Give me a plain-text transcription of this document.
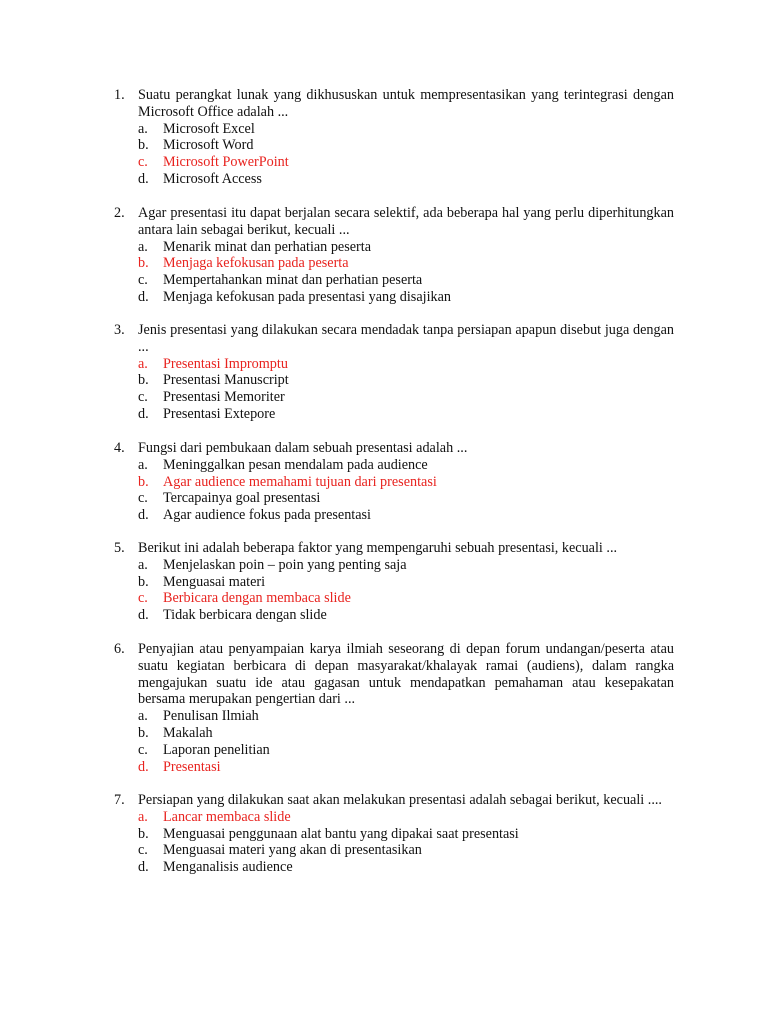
1. Suatu perangkat lunak yang dikhususkan untuk mempresentasikan yang terintegrasi dengan Microsoft Office adalah ...
a.	Microsoft Excel
b.	Microsoft Word
c.	Microsoft PowerPoint
d.	Microsoft Access
2. Agar presentasi itu dapat berjalan secara selektif, ada beberapa hal yang perlu diperhitungkan antara lain sebagai berikut, kecuali ...
a.	Menarik minat dan perhatian peserta
b.	Menjaga kefokusan pada peserta
c.	Mempertahankan minat dan perhatian peserta
d.	Menjaga kefokusan pada presentasi yang disajikan
3. Jenis presentasi yang dilakukan secara mendadak tanpa persiapan apapun disebut juga dengan ...
a.	Presentasi Impromptu
b.	Presentasi Manuscript
c.	Presentasi Memoriter
d.	Presentasi Extepore
4. Fungsi dari pembukaan dalam sebuah presentasi adalah ...
a.	Meninggalkan pesan mendalam pada audience
b.	Agar audience memahami tujuan dari presentasi
c.	Tercapainya goal presentasi
d.	Agar audience fokus pada presentasi
5. Berikut ini adalah beberapa faktor yang mempengaruhi sebuah presentasi, kecuali ...
a.	Menjelaskan poin – poin yang penting saja
b.	Menguasai materi
c.	Berbicara dengan membaca slide
d.	Tidak berbicara dengan slide
6. Penyajian atau penyampaian karya ilmiah seseorang di depan forum undangan/peserta atau suatu kegiatan berbicara di depan masyarakat/khalayak ramai (audiens), dalam rangka mengajukan suatu ide atau gagasan untuk mendapatkan pemahaman atau kesepakatan bersama merupakan pengertian dari ...
a.	Penulisan Ilmiah
b.	Makalah
c.	Laporan penelitian
d.	Presentasi
7. Persiapan yang dilakukan saat akan melakukan presentasi adalah sebagai berikut, kecuali ....
a.	Lancar membaca slide
b.	Menguasai penggunaan alat bantu yang dipakai saat presentasi
c.	Menguasai materi yang akan di presentasikan
d.	Menganalisis audience
